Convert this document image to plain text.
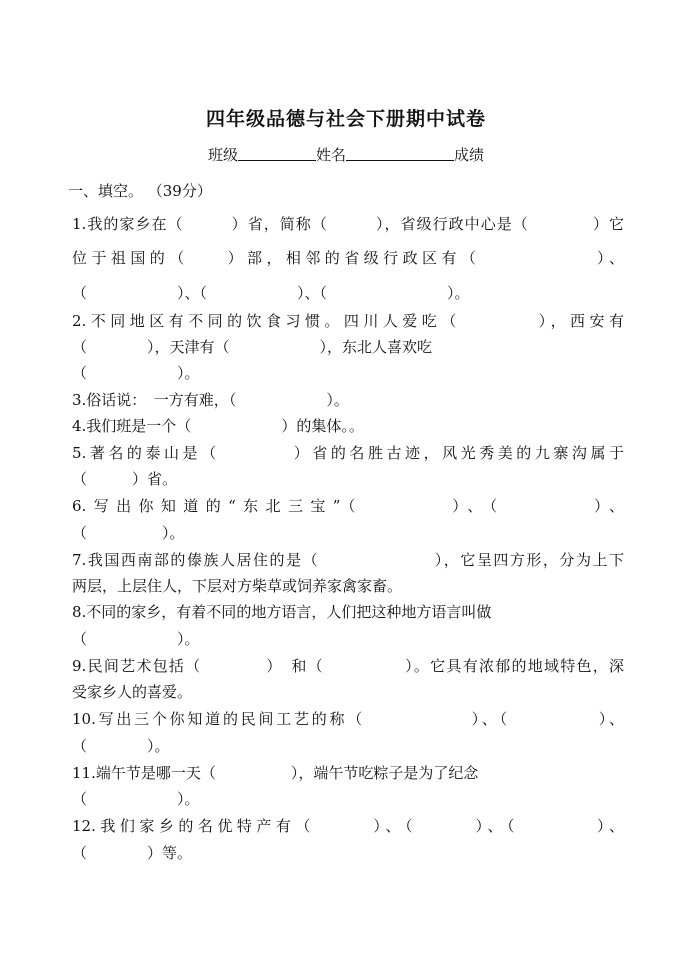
四年级品德与社会下册期中试卷
班级	姓名	成绩
一、填空。 （39分）
1.我的家乡在（　　　）省，简称（　　　），省级行政中心是（　　　　）它
位于祖国的（　　）部，相邻的省级行政区有（　　　　　　）、
（　　　　　　）、（　　　　　　）、（　　　　　　　　）。
2.不同地区有不同的饮食习惯。四川人爱吃（　　　　），西安有
（　　　　），天津有（　　　　　　），东北人喜欢吃
（　　　　　　）。
3.俗话说：　一方有难，（　　　　　　）。
4.我们班是一个（　　　　　　）的集体。。
5.著名的泰山是（　　　　）省的名胜古迹，风光秀美的九寨沟属于
（　　　）省。
6.写出你知道的“东北三宝”（　　　　）、（　　　　）、
（　　　　　）。
7.我国西南部的傣族人居住的是（　　　　　　　），它呈四方形，分为上下
两层，上层住人，下层对方柴草或饲养家禽家畜。
8.不同的家乡，有着不同的地方语言，人们把这种地方语言叫做
（　　　　　　）。
9.民间艺术包括（　　　　）　和（　　　　　）。它具有浓郁的地域特色，深
受家乡人的喜爱。
10.写出三个你知道的民间工艺的称（　　　　　　）、（　　　　　）、
（　　　　）。
11.端午节是哪一天（　　　　　），端午节吃粽子是为了纪念
（　　　　　　）。
12.我们家乡的名优特产有（　　　）、（　　　）、（　　　　）、
（　　　　）等。
